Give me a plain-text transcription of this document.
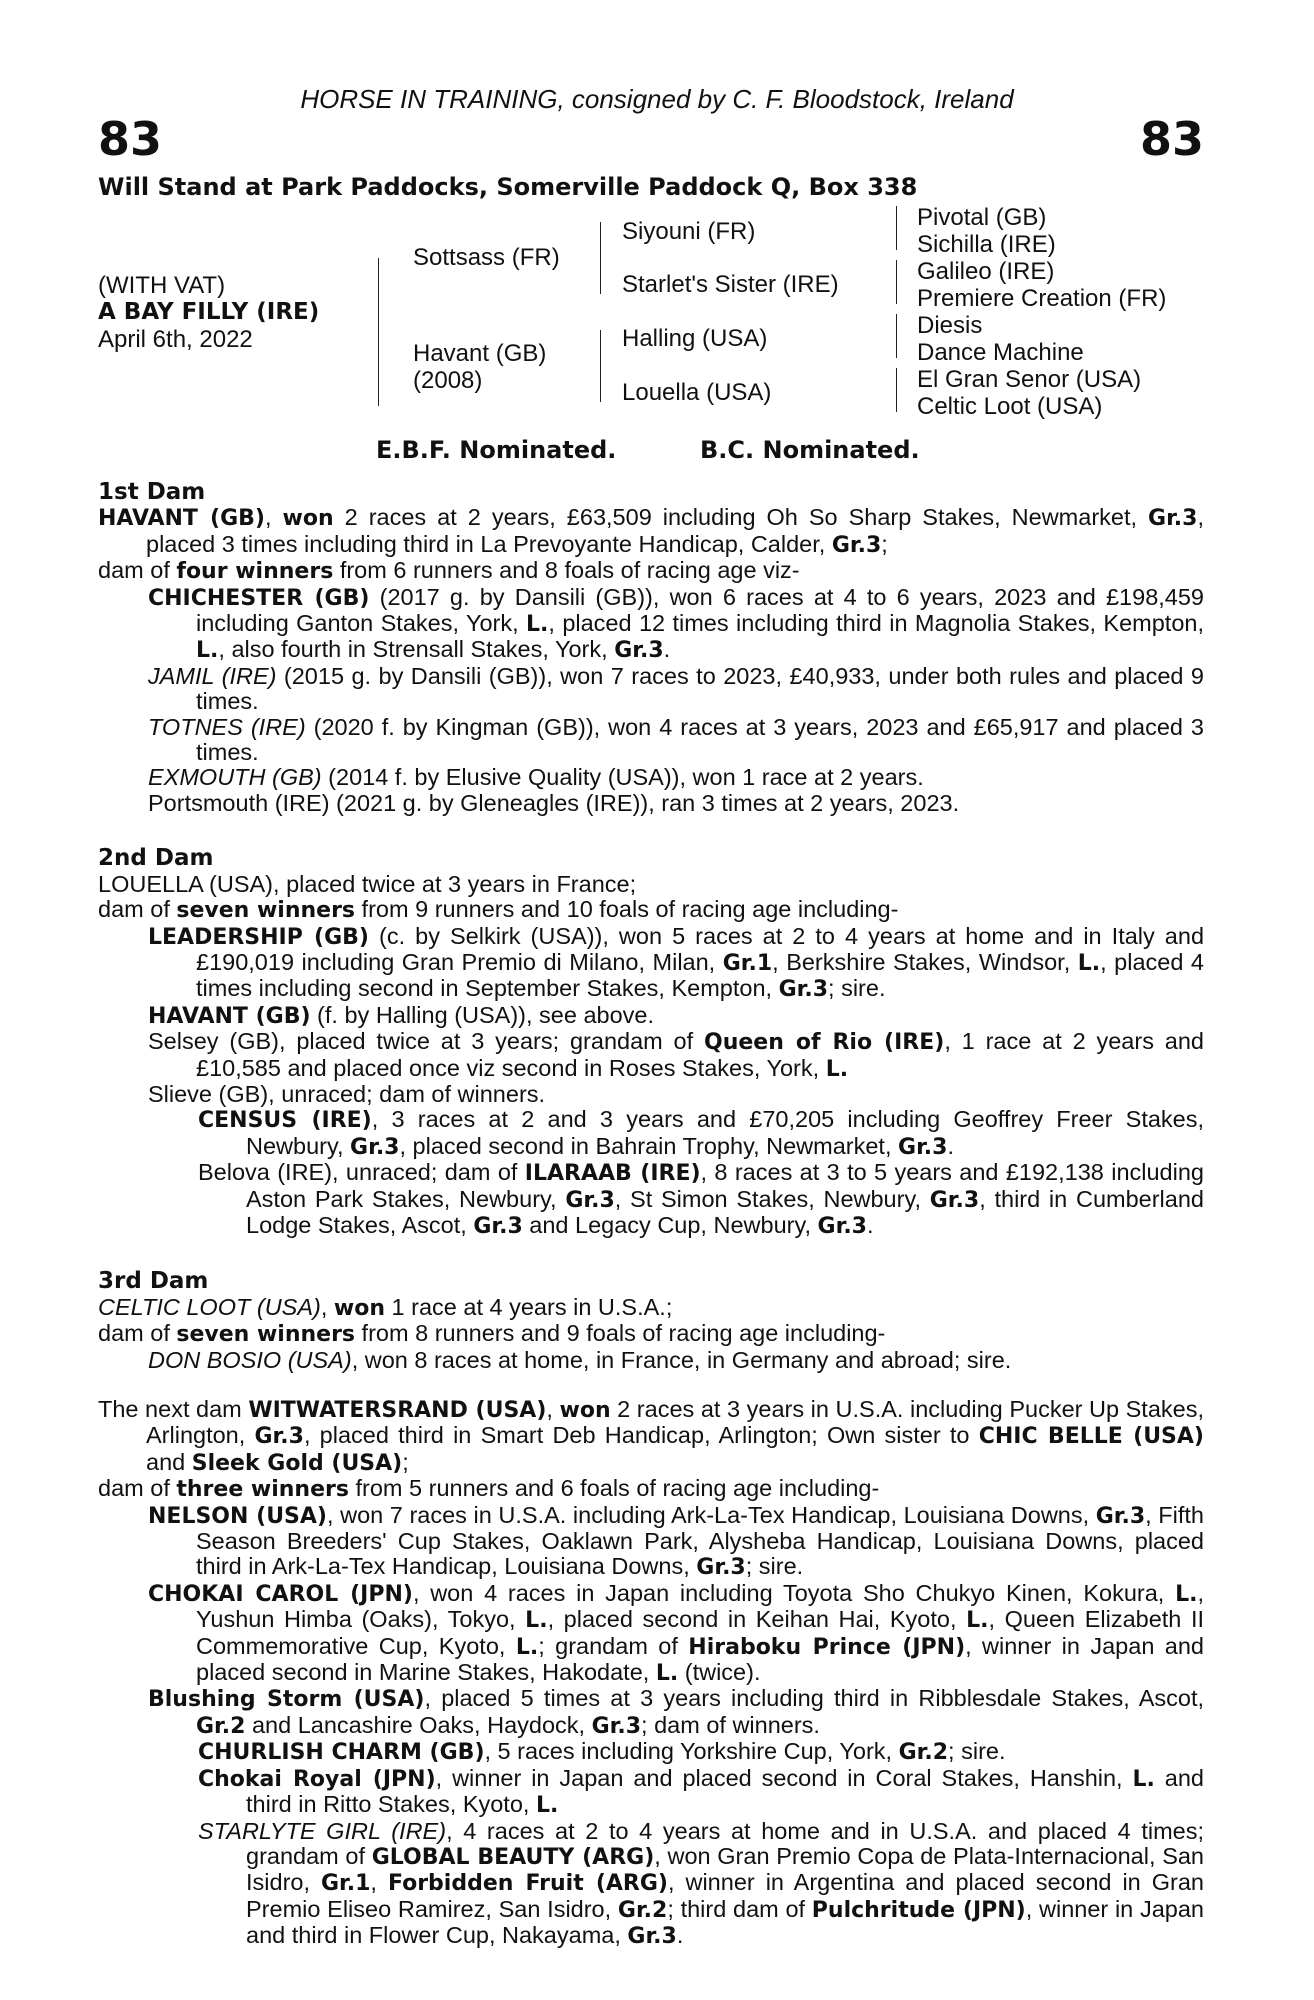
HORSE IN TRAINING, consigned by C. F. Bloodstock, Ireland
83	83
Will Stand at Park Paddocks, Somerville Paddock Q, Box 338
(WITH VAT)
A BAY FILLY (IRE)
April 6th, 2022
Sottsass (FR)
Havant (GB)
(2008)
Siyouni (FR)
Starlet's Sister (IRE)
Halling (USA)
Louella (USA)
Pivotal (GB)
Sichilla (IRE)
Galileo (IRE)
Premiere Creation (FR)
Diesis
Dance Machine
El Gran Senor (USA)
Celtic Loot (USA)
E.B.F. Nominated.	B.C. Nominated.
1st Dam
HAVANT (GB), won 2 races at 2 years, £63,509 including Oh So Sharp Stakes, Newmarket, Gr.3, placed 3 times including third in La Prevoyante Handicap, Calder, Gr.3;
dam of four winners from 6 runners and 8 foals of racing age viz-
CHICHESTER (GB) (2017 g. by Dansili (GB)), won 6 races at 4 to 6 years, 2023 and £198,459 including Ganton Stakes, York, L., placed 12 times including third in Magnolia Stakes, Kempton, L., also fourth in Strensall Stakes, York, Gr.3.
JAMIL (IRE) (2015 g. by Dansili (GB)), won 7 races to 2023, £40,933, under both rules and placed 9 times.
TOTNES (IRE) (2020 f. by Kingman (GB)), won 4 races at 3 years, 2023 and £65,917 and placed 3 times.
EXMOUTH (GB) (2014 f. by Elusive Quality (USA)), won 1 race at 2 years.
Portsmouth (IRE) (2021 g. by Gleneagles (IRE)), ran 3 times at 2 years, 2023.
2nd Dam
LOUELLA (USA), placed twice at 3 years in France;
dam of seven winners from 9 runners and 10 foals of racing age including-
LEADERSHIP (GB) (c. by Selkirk (USA)), won 5 races at 2 to 4 years at home and in Italy and £190,019 including Gran Premio di Milano, Milan, Gr.1, Berkshire Stakes, Windsor, L., placed 4 times including second in September Stakes, Kempton, Gr.3; sire.
HAVANT (GB) (f. by Halling (USA)), see above.
Selsey (GB), placed twice at 3 years; grandam of Queen of Rio (IRE), 1 race at 2 years and £10,585 and placed once viz second in Roses Stakes, York, L.
Slieve (GB), unraced; dam of winners.
CENSUS (IRE), 3 races at 2 and 3 years and £70,205 including Geoffrey Freer Stakes, Newbury, Gr.3, placed second in Bahrain Trophy, Newmarket, Gr.3.
Belova (IRE), unraced; dam of ILARAAB (IRE), 8 races at 3 to 5 years and £192,138 including Aston Park Stakes, Newbury, Gr.3, St Simon Stakes, Newbury, Gr.3, third in Cumberland Lodge Stakes, Ascot, Gr.3 and Legacy Cup, Newbury, Gr.3.
3rd Dam
CELTIC LOOT (USA), won 1 race at 4 years in U.S.A.;
dam of seven winners from 8 runners and 9 foals of racing age including-
DON BOSIO (USA), won 8 races at home, in France, in Germany and abroad; sire.
The next dam WITWATERSRAND (USA), won 2 races at 3 years in U.S.A. including Pucker Up Stakes, Arlington, Gr.3, placed third in Smart Deb Handicap, Arlington; Own sister to CHIC BELLE (USA) and Sleek Gold (USA);
dam of three winners from 5 runners and 6 foals of racing age including-
NELSON (USA), won 7 races in U.S.A. including Ark-La-Tex Handicap, Louisiana Downs, Gr.3, Fifth Season Breeders' Cup Stakes, Oaklawn Park, Alysheba Handicap, Louisiana Downs, placed third in Ark-La-Tex Handicap, Louisiana Downs, Gr.3; sire.
CHOKAI CAROL (JPN), won 4 races in Japan including Toyota Sho Chukyo Kinen, Kokura, L., Yushun Himba (Oaks), Tokyo, L., placed second in Keihan Hai, Kyoto, L., Queen Elizabeth II Commemorative Cup, Kyoto, L.; grandam of Hiraboku Prince (JPN), winner in Japan and placed second in Marine Stakes, Hakodate, L. (twice).
Blushing Storm (USA), placed 5 times at 3 years including third in Ribblesdale Stakes, Ascot, Gr.2 and Lancashire Oaks, Haydock, Gr.3; dam of winners.
CHURLISH CHARM (GB), 5 races including Yorkshire Cup, York, Gr.2; sire.
Chokai Royal (JPN), winner in Japan and placed second in Coral Stakes, Hanshin, L. and third in Ritto Stakes, Kyoto, L.
STARLYTE GIRL (IRE), 4 races at 2 to 4 years at home and in U.S.A. and placed 4 times; grandam of GLOBAL BEAUTY (ARG), won Gran Premio Copa de Plata-Internacional, San Isidro, Gr.1, Forbidden Fruit (ARG), winner in Argentina and placed second in Gran Premio Eliseo Ramirez, San Isidro, Gr.2; third dam of Pulchritude (JPN), winner in Japan and third in Flower Cup, Nakayama, Gr.3.
